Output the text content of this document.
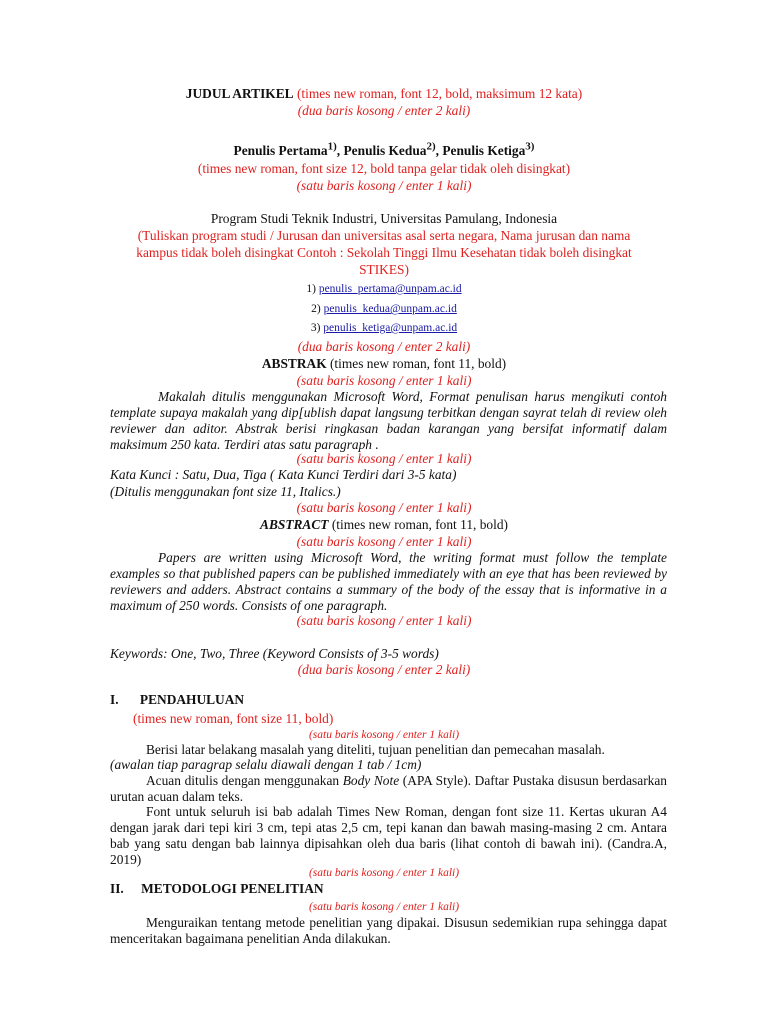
JUDUL ARTIKEL (times new roman, font 12, bold, maksimum 12 kata)
(dua baris kosong / enter 2 kali)
Penulis Pertama$^{1)}$, Penulis Kedua$^{2)}$, Penulis Ketiga$^{3)}$
(times new roman, font size 12, bold tanpa gelar tidak oleh disingkat)
(satu baris kosong / enter 1 kali)
Program Studi Teknik Industri, Universitas Pamulang, Indonesia
(Tuliskan program studi / Jurusan dan universitas asal serta negara, Nama jurusan dan nama
kampus tidak boleh disingkat Contoh : Sekolah Tinggi Ilmu Kesehatan tidak boleh disingkat
STIKES)
1) penulis_pertama@unpam.ac.id
2) penulis_kedua@unpam.ac.id
3) penulis_ketiga@unpam.ac.id
(dua baris kosong / enter 2 kali)
ABSTRAK (times new roman, font 11, bold)
(satu baris kosong / enter 1 kali)
Makalah ditulis menggunakan Microsoft Word, Format penulisan harus mengikuti contoh template supaya makalah yang dip[ublish dapat langsung terbitkan dengan sayrat telah di review oleh reviewer dan aditor. Abstrak berisi ringkasan badan karangan yang bersifat informatif dalam maksimum 250 kata. Terdiri atas satu paragraph .
(satu baris kosong / enter 1 kali)
Kata Kunci : Satu, Dua, Tiga ( Kata Kunci Terdiri dari 3-5 kata)
(Ditulis menggunakan font size 11, Italics.)
(satu baris kosong / enter 1 kali)
ABSTRACT (times new roman, font 11, bold)
(satu baris kosong / enter 1 kali)
Papers are written using Microsoft Word, the writing format must follow the template examples so that published papers can be published immediately with an eye that has been reviewed by reviewers and adders. Abstract contains a summary of the body of the essay that is informative in a maximum of 250 words. Consists of one paragraph.
(satu baris kosong / enter 1 kali)
Keywords: One, Two, Three (Keyword Consists of 3-5 words)
(dua baris kosong / enter 2 kali)
I. PENDAHULUAN
(times new roman, font size 11, bold)
(satu baris kosong / enter 1 kali)
Berisi latar belakang masalah yang diteliti, tujuan penelitian dan pemecahan masalah.
(awalan tiap paragrap selalu diawali dengan 1 tab / 1cm)
Acuan ditulis dengan menggunakan Body Note (APA Style). Daftar Pustaka disusun berdasarkan urutan acuan dalam teks.
Font untuk seluruh isi bab adalah Times New Roman, dengan font size 11. Kertas ukuran A4 dengan jarak dari tepi kiri 3 cm, tepi atas 2,5 cm, tepi kanan dan bawah masing-masing 2 cm. Antara bab yang satu dengan bab lainnya dipisahkan oleh dua baris (lihat contoh di bawah ini). (Candra.A, 2019)
(satu baris kosong / enter 1 kali)
II. METODOLOGI PENELITIAN
(satu baris kosong / enter 1 kali)
Menguraikan tentang metode penelitian yang dipakai. Disusun sedemikian rupa sehingga dapat menceritakan bagaimana penelitian Anda dilakukan.
